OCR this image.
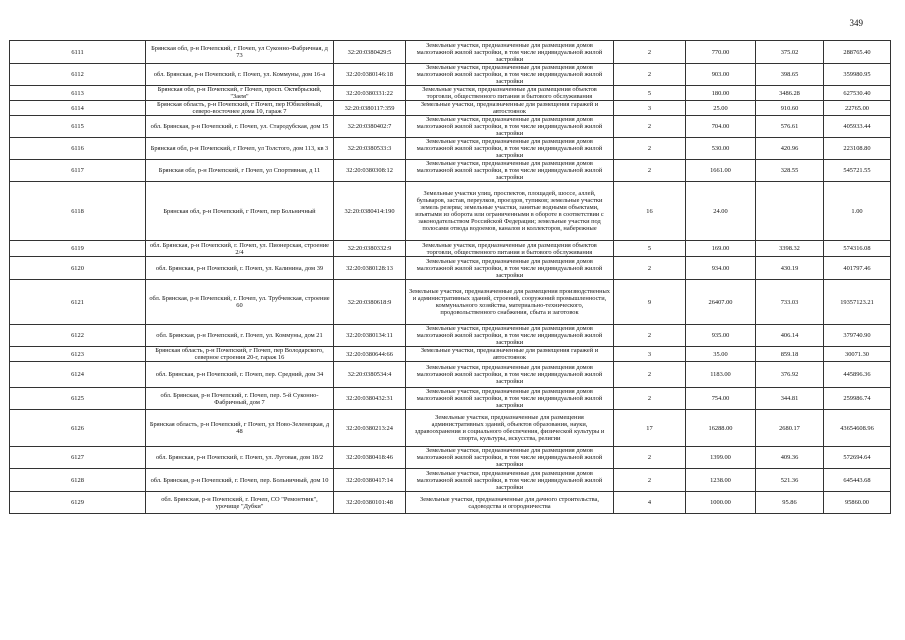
349
6111	Брянская обл, р-н Почепский, г Почеп, ул Суконно-Фабричная, д 73	32:20:0380429:5	Земельные участки, предназначенные для размещения домов малоэтажной жилой застройки, в том числе индивидуальной жилой застройки	2	770.00	375.02	288765.40
6112	обл. Брянская, р-н Почепский, г. Почеп, ул. Коммуны, дом 16-а	32:20:0380146:18	Земельные участки, предназначенные для размещения домов малоэтажной жилой застройки, в том числе индивидуальной жилой застройки	2	903.00	398.65	359980.95
6113	Брянская обл, р-н Почепский, г Почеп, просп. Октябрьский, "Заем"	32:20:0380331:22	Земельные участки, предназначенные для размещения объектов торговли, общественного питания и бытового обслуживания	5	180.00	3486.28	627530.40
6114	Брянская область, р-н Почепский, г Почеп, пер Юбилейный, северо-восточнее дома 10, гараж 7	32:20:0380117:359	Земельные участки, предназначенные для размещения гаражей и автостоянок	3	25.00	910.60	22765.00
6115	обл. Брянская, р-н Почепский, г. Почеп, ул. Стародубская, дом 15	32:20:0380402:7	Земельные участки, предназначенные для размещения домов малоэтажной жилой застройки, в том числе индивидуальной жилой застройки	2	704.00	576.61	405933.44
6116	Брянская обл, р-н Почепский, г Почеп, ул Толстого, дом 113, кв 3	32:20:0380533:3	Земельные участки, предназначенные для размещения домов малоэтажной жилой застройки, в том числе индивидуальной жилой застройки	2	530.00	420.96	223108.80
6117	Брянская обл, р-н Почепский, г Почеп, ул Спортивная, д 11	32:20:0380308:12	Земельные участки, предназначенные для размещения домов малоэтажной жилой застройки, в том числе индивидуальной жилой застройки	2	1661.00	328.55	545721.55
6118	Брянская обл, р-н Почепский, г Почеп, пер Больничный	32:20:0380414:190	Земельные участки улиц, проспектов, площадей, шоссе, аллей, бульваров, застав, переулков, проездов, тупиков; земельные участки земель резерва; земельные участки, занятые водными объектами, изъятыми из оборота или ограниченными в обороте в соответствии с законодательством Российской Федерации; земельные участки под полосами отвода водоемов, каналов и коллекторов, набережные	16	24.00		1.00
6119	обл. Брянская, р-н Почепский, г. Почеп, ул. Пионерская, строение 2/4	32:20:0380332:9	Земельные участки, предназначенные для размещения объектов торговли, общественного питания и бытового обслуживания	5	169.00	3398.32	574316.08
6120	обл. Брянская, р-н Почепский, г. Почеп, ул. Калинина, дом 39	32:20:0380128:13	Земельные участки, предназначенные для размещения домов малоэтажной жилой застройки, в том числе индивидуальной жилой застройки	2	934.00	430.19	401797.46
6121	обл. Брянская, р-н Почепский, г. Почеп, ул. Трубчевская, строение 60	32:20:0380618:9	Земельные участки, предназначенные для размещения производственных и административных зданий, строений, сооружений промышленности, коммунального хозяйства, материально-технического, продовольственного снабжения, сбыта и заготовок	9	26407.00	733.03	19357123.21
6122	обл. Брянская, р-н Почепский, г. Почеп, ул. Коммуны, дом 21	32:20:0380134:11	Земельные участки, предназначенные для размещения домов малоэтажной жилой застройки, в том числе индивидуальной жилой застройки	2	935.00	406.14	379740.90
6123	Брянская область, р-н Почепский, г Почеп, пер Володарского, северное строения 20-г, гараж 16	32:20:0380644:66	Земельные участки, предназначенные для размещения гаражей и автостоянок	3	35.00	859.18	30071.30
6124	обл. Брянская, р-н Почепский, г. Почеп, пер. Средний, дом 34	32:20:0380534:4	Земельные участки, предназначенные для размещения домов малоэтажной жилой застройки, в том числе индивидуальной жилой застройки	2	1183.00	376.92	445896.36
6125	обл. Брянская, р-н Почепский, г. Почеп, пер. 5-й Суконно-Фабричный, дом 7	32:20:0380432:31	Земельные участки, предназначенные для размещения домов малоэтажной жилой застройки, в том числе индивидуальной жилой застройки	2	754.00	344.81	259986.74
6126	Брянская область, р-н Почепский, г Почеп, ул Ново-Зеленецкая, д 48	32:20:0380213:24	Земельные участки, предназначенные для размещения административных зданий, объектов образования, науки, здравоохранения и социального обеспечения, физической культуры и спорта, культуры, искусства, религии	17	16288.00	2680.17	43654608.96
6127	обл. Брянская, р-н Почепский, г. Почеп, ул. Луговая, дом 18/2	32:20:0380418:46	Земельные участки, предназначенные для размещения домов малоэтажной жилой застройки, в том числе индивидуальной жилой застройки	2	1399.00	409.36	572694.64
6128	обл. Брянская, р-н Почепский, г. Почеп, пер. Больничный, дом 10	32:20:0380417:14	Земельные участки, предназначенные для размещения домов малоэтажной жилой застройки, в том числе индивидуальной жилой застройки	2	1238.00	521.36	645443.68
6129	обл. Брянская, р-н Почепский, г. Почеп, СО "Ремонтник", урочище "Дубки"	32:20:0380101:48	Земельные участки, предназначенные для дачного строительства, садоводства и огородничества	4	1000.00	95.86	95860.00
